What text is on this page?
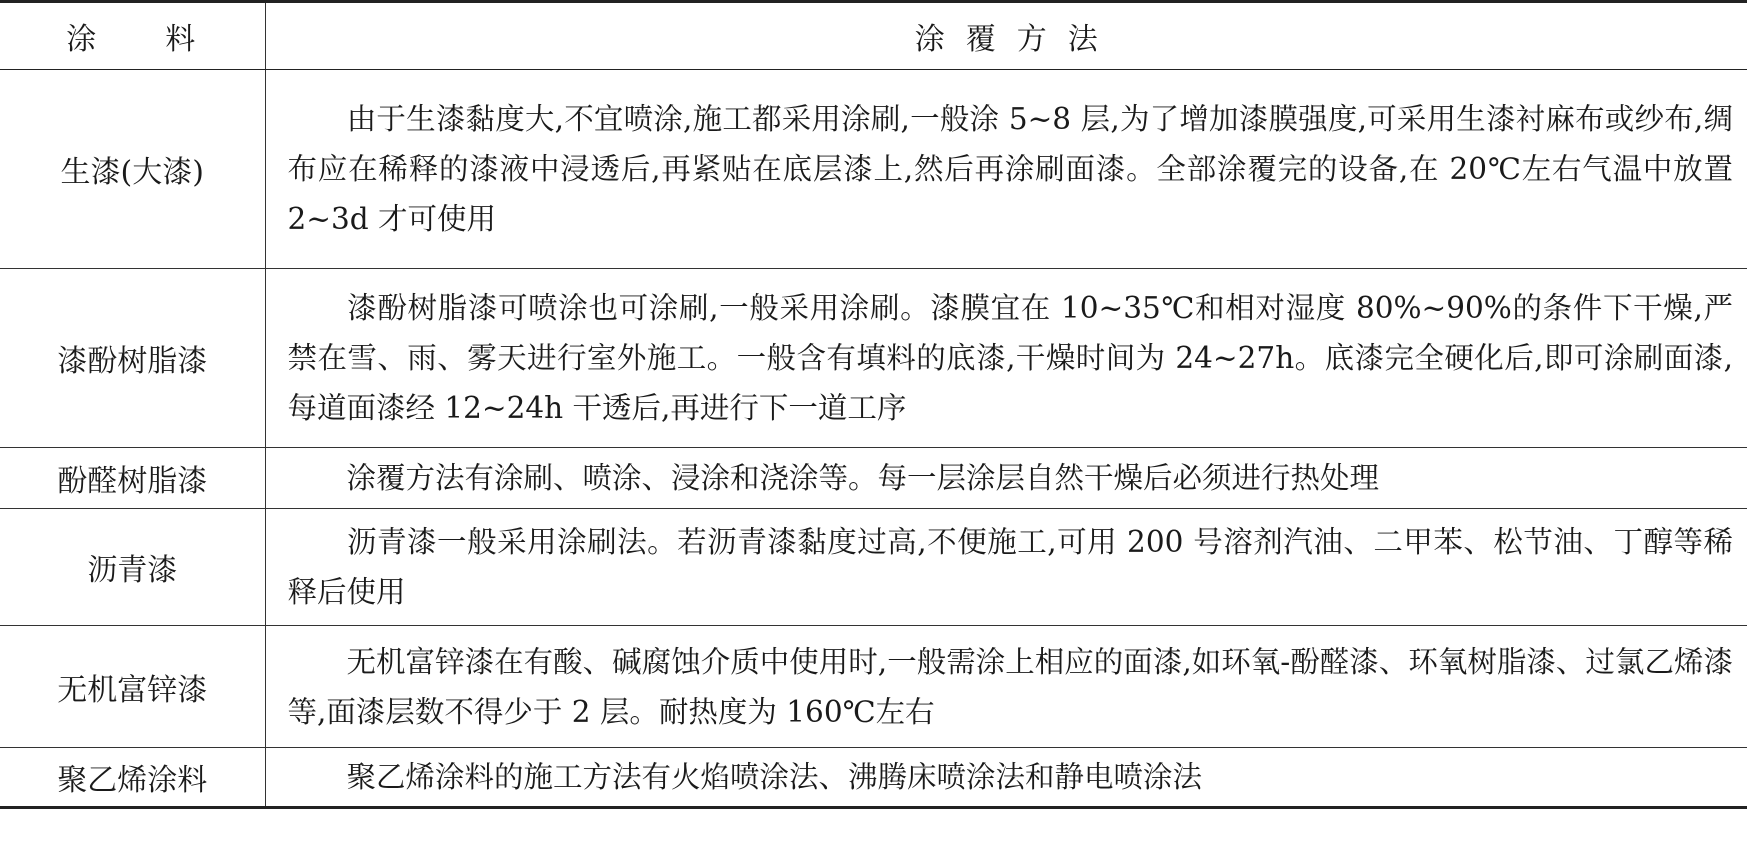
涂　　料	涂覆方法
生漆(大漆)	由于生漆黏度大,不宜喷涂,施工都采用涂刷,一般涂 5~8 层,为了增加漆膜强度,可采用生漆衬麻布或纱布,绸布应在稀释的漆液中浸透后,再紧贴在底层漆上,然后再涂刷面漆。全部涂覆完的设备,在 20℃左右气温中放置 2~3d 才可使用
漆酚树脂漆	漆酚树脂漆可喷涂也可涂刷,一般采用涂刷。漆膜宜在 10~35℃和相对湿度 80%~90%的条件下干燥,严禁在雪、雨、雾天进行室外施工。一般含有填料的底漆,干燥时间为 24~27h。底漆完全硬化后,即可涂刷面漆,每道面漆经 12~24h 干透后,再进行下一道工序
酚醛树脂漆	涂覆方法有涂刷、喷涂、浸涂和浇涂等。每一层涂层自然干燥后必须进行热处理
沥青漆	沥青漆一般采用涂刷法。若沥青漆黏度过高,不便施工,可用 200 号溶剂汽油、二甲苯、松节油、丁醇等稀释后使用
无机富锌漆	无机富锌漆在有酸、碱腐蚀介质中使用时,一般需涂上相应的面漆,如环氧-酚醛漆、环氧树脂漆、过氯乙烯漆等,面漆层数不得少于 2 层。耐热度为 160℃左右
聚乙烯涂料	聚乙烯涂料的施工方法有火焰喷涂法、沸腾床喷涂法和静电喷涂法
